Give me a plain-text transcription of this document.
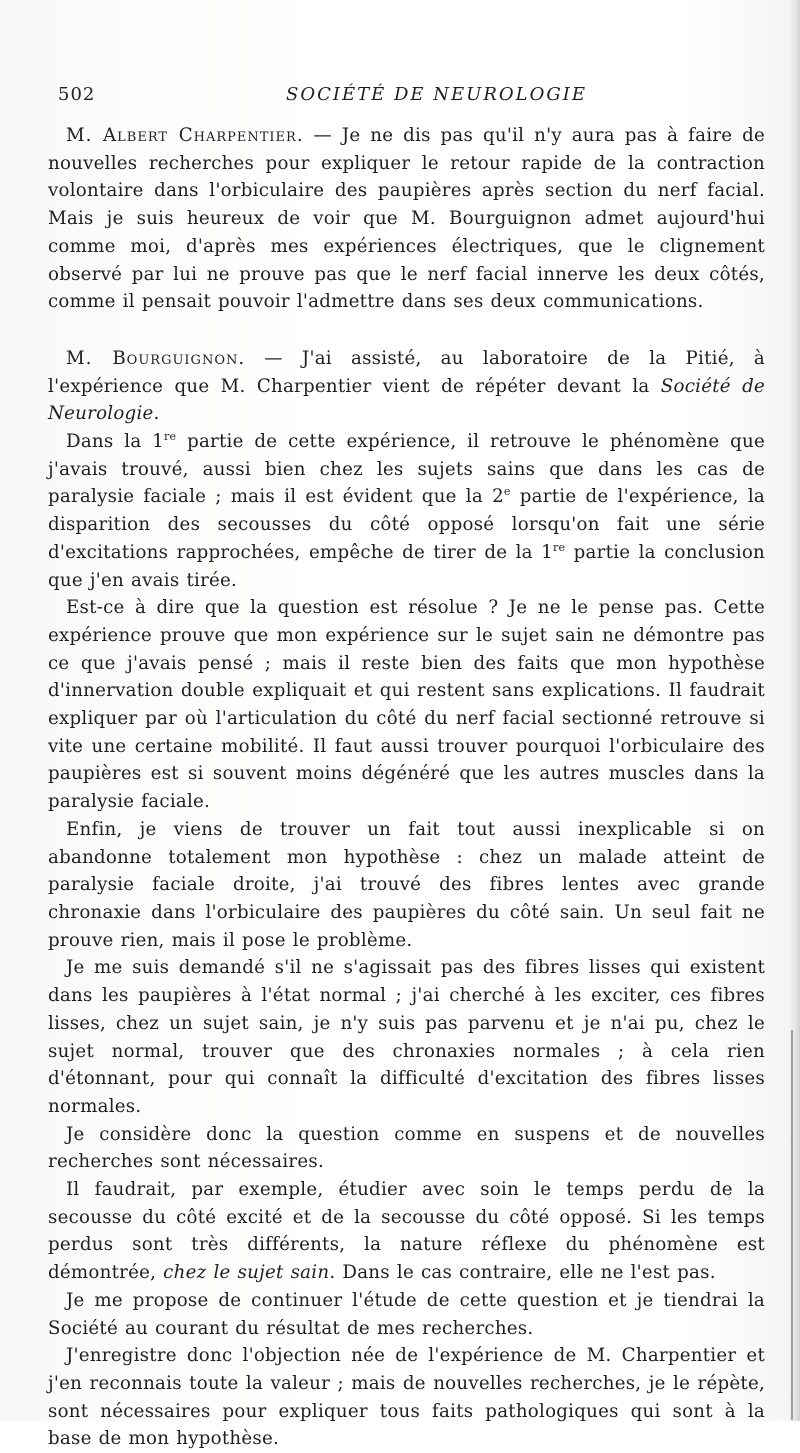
502	SOCIÉTÉ DE NEUROLOGIE

M. Albert Charpentier. — Je ne dis pas qu'il n'y aura pas à faire de nouvelles recherches pour expliquer le retour rapide de la contraction volontaire dans l'orbiculaire des paupières après section du nerf facial. Mais je suis heureux de voir que M. Bourguignon admet aujourd'hui comme moi, d'après mes expériences électriques, que le clignement observé par lui ne prouve pas que le nerf facial innerve les deux côtés, comme il pensait pouvoir l'admettre dans ses deux communications.

M. Bourguignon. — J'ai assisté, au laboratoire de la Pitié, à l'expérience que M. Charpentier vient de répéter devant la Société de Neurologie.

Dans la 1re partie de cette expérience, il retrouve le phénomène que j'avais trouvé, aussi bien chez les sujets sains que dans les cas de paralysie faciale ; mais il est évident que la 2e partie de l'expérience, la disparition des secousses du côté opposé lorsqu'on fait une série d'excitations rapprochées, empêche de tirer de la 1re partie la conclusion que j'en avais tirée.

Est-ce à dire que la question est résolue ? Je ne le pense pas. Cette expérience prouve que mon expérience sur le sujet sain ne démontre pas ce que j'avais pensé ; mais il reste bien des faits que mon hypothèse d'innervation double expliquait et qui restent sans explications. Il faudrait expliquer par où l'articulation du côté du nerf facial sectionné retrouve si vite une certaine mobilité. Il faut aussi trouver pourquoi l'orbiculaire des paupières est si souvent moins dégénéré que les autres muscles dans la paralysie faciale.

Enfin, je viens de trouver un fait tout aussi inexplicable si on abandonne totalement mon hypothèse : chez un malade atteint de paralysie faciale droite, j'ai trouvé des fibres lentes avec grande chronaxie dans l'orbiculaire des paupières du côté sain. Un seul fait ne prouve rien, mais il pose le problème.

Je me suis demandé s'il ne s'agissait pas des fibres lisses qui existent dans les paupières à l'état normal ; j'ai cherché à les exciter, ces fibres lisses, chez un sujet sain, je n'y suis pas parvenu et je n'ai pu, chez le sujet normal, trouver que des chronaxies normales ; à cela rien d'étonnant, pour qui connaît la difficulté d'excitation des fibres lisses normales.

Je considère donc la question comme en suspens et de nouvelles recherches sont nécessaires.

Il faudrait, par exemple, étudier avec soin le temps perdu de la secousse du côté excité et de la secousse du côté opposé. Si les temps perdus sont très différents, la nature réflexe du phénomène est démontrée, chez le sujet sain. Dans le cas contraire, elle ne l'est pas.

Je me propose de continuer l'étude de cette question et je tiendrai la Société au courant du résultat de mes recherches.

J'enregistre donc l'objection née de l'expérience de M. Charpentier et j'en reconnais toute la valeur ; mais de nouvelles recherches, je le répète, sont nécessaires pour expliquer tous faits pathologiques qui sont à la base de mon hypothèse.
